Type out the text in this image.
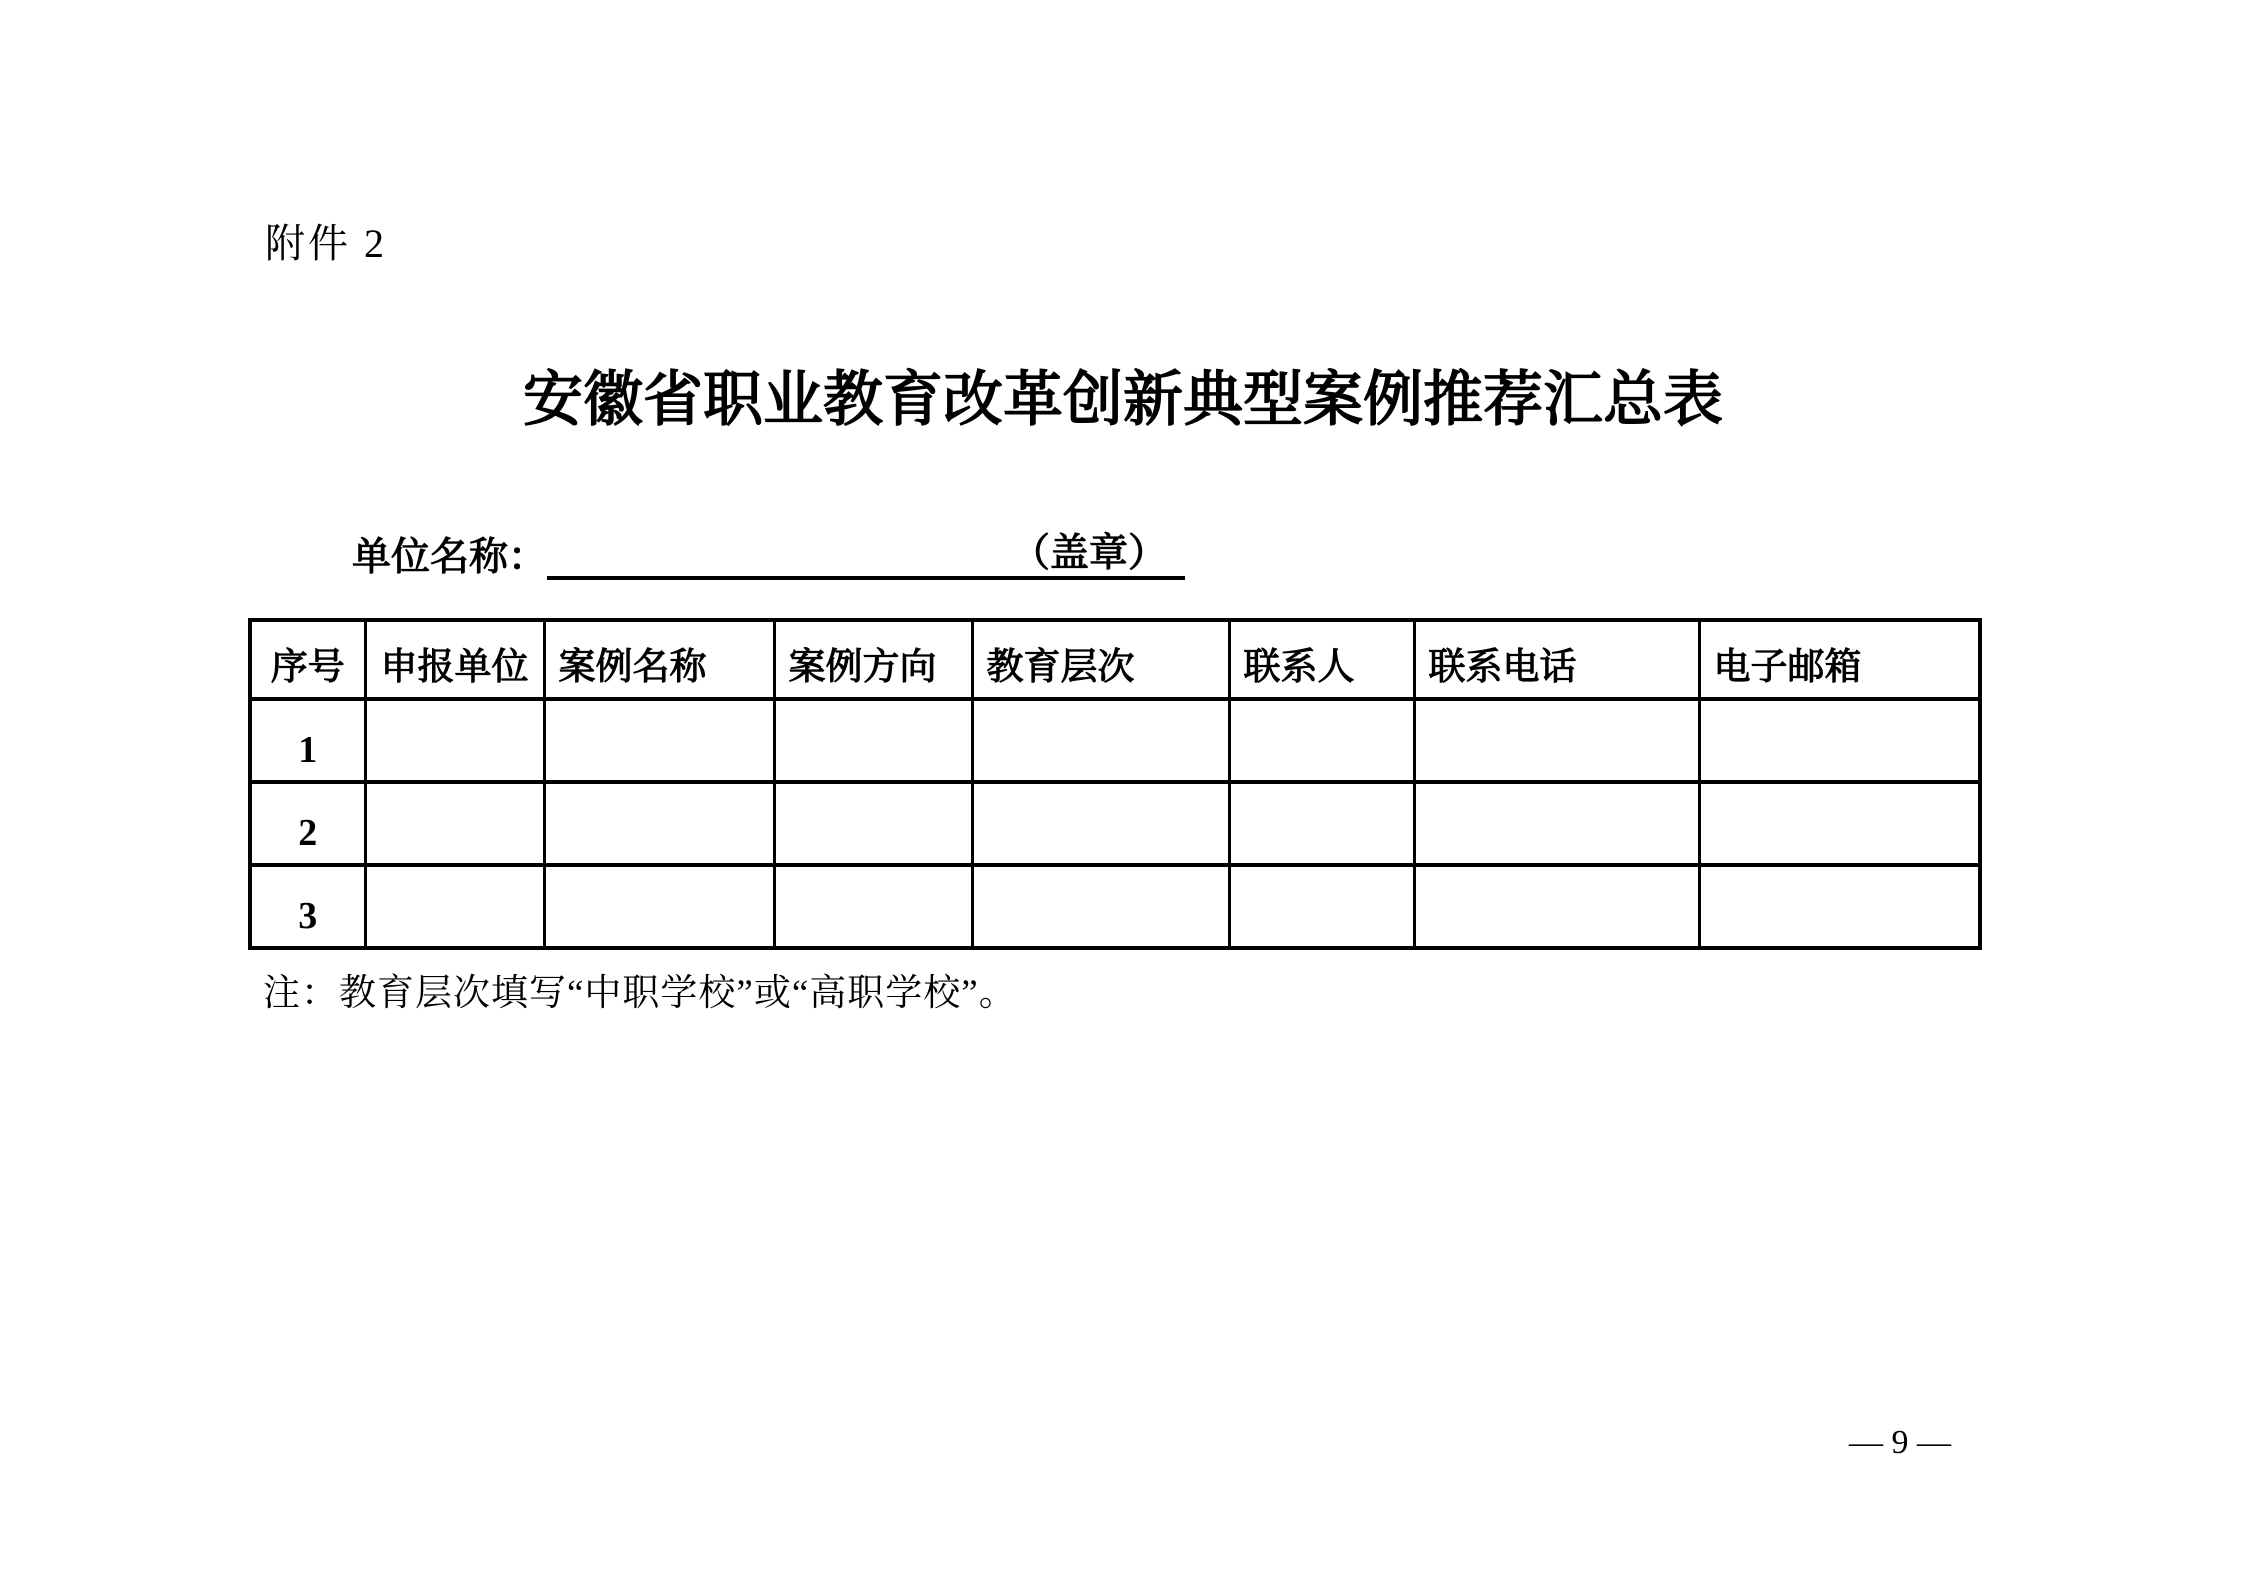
附件 2
安徽省职业教育改革创新典型案例推荐汇总表
单位名称：	（盖章）
序号	申报单位	案例名称	案例方向	教育层次	联系人	联系电话	电子邮箱
1							
2							
3							
注：教育层次填写“中职学校”或“高职学校”。
— 9 —
